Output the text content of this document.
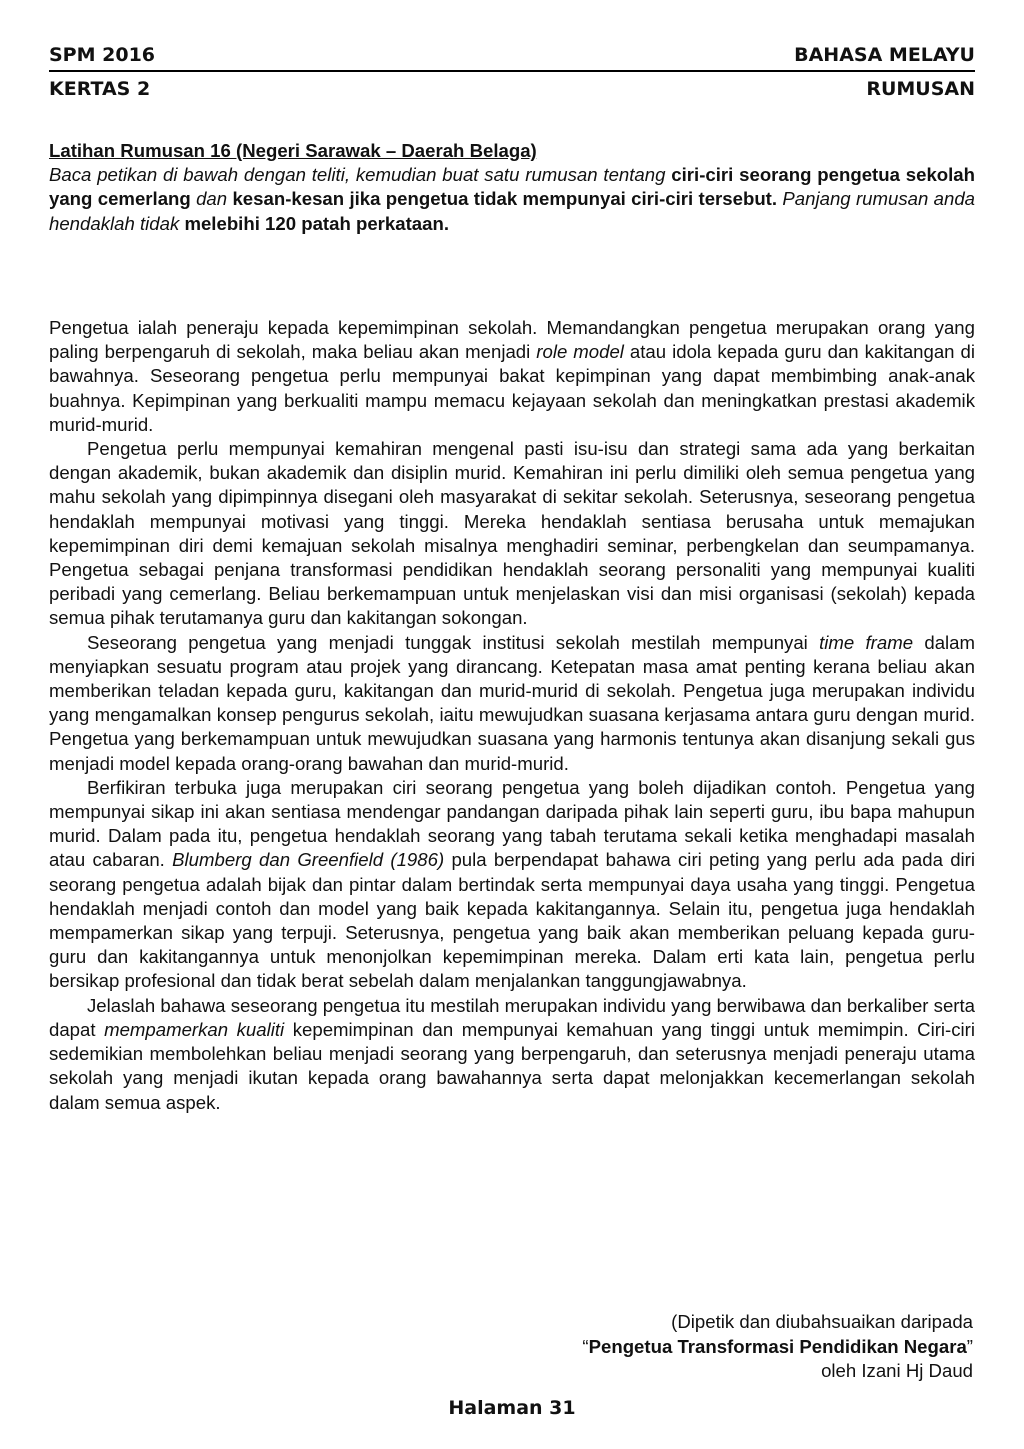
SPM 2016	BAHASA MELAYU
KERTAS 2	RUMUSAN
Latihan Rumusan 16 (Negeri Sarawak – Daerah Belaga)
Baca petikan di bawah dengan teliti, kemudian buat satu rumusan tentang ciri-ciri seorang pengetua sekolah yang cemerlang dan kesan-kesan jika pengetua tidak mempunyai ciri-ciri tersebut. Panjang rumusan anda hendaklah tidak melebihi 120 patah perkataan.

Pengetua ialah peneraju kepada kepemimpinan sekolah. Memandangkan pengetua merupakan orang yang paling berpengaruh di sekolah, maka beliau akan menjadi role model atau idola kepada guru dan kakitangan di bawahnya. Seseorang pengetua perlu mempunyai bakat kepimpinan yang dapat membimbing anak-anak buahnya. Kepimpinan yang berkualiti mampu memacu kejayaan sekolah dan meningkatkan prestasi akademik murid-murid.

Pengetua perlu mempunyai kemahiran mengenal pasti isu-isu dan strategi sama ada yang berkaitan dengan akademik, bukan akademik dan disiplin murid. Kemahiran ini perlu dimiliki oleh semua pengetua yang mahu sekolah yang dipimpinnya disegani oleh masyarakat di sekitar sekolah. Seterusnya, seseorang pengetua hendaklah mempunyai motivasi yang tinggi. Mereka hendaklah sentiasa berusaha untuk memajukan kepemimpinan diri demi kemajuan sekolah misalnya menghadiri seminar, perbengkelan dan seumpamanya. Pengetua sebagai penjana transformasi pendidikan hendaklah seorang personaliti yang mempunyai kualiti peribadi yang cemerlang. Beliau berkemampuan untuk menjelaskan visi dan misi organisasi (sekolah) kepada semua pihak terutamanya guru dan kakitangan sokongan.

Seseorang pengetua yang menjadi tunggak institusi sekolah mestilah mempunyai time frame dalam menyiapkan sesuatu program atau projek yang dirancang. Ketepatan masa amat penting kerana beliau akan memberikan teladan kepada guru, kakitangan dan murid-murid di sekolah. Pengetua juga merupakan individu yang mengamalkan konsep pengurus sekolah, iaitu mewujudkan suasana kerjasama antara guru dengan murid. Pengetua yang berkemampuan untuk mewujudkan suasana yang harmonis tentunya akan disanjung sekali gus menjadi model kepada orang-orang bawahan dan murid-murid.

Berfikiran terbuka juga merupakan ciri seorang pengetua yang boleh dijadikan contoh. Pengetua yang mempunyai sikap ini akan sentiasa mendengar pandangan daripada pihak lain seperti guru, ibu bapa mahupun murid. Dalam pada itu, pengetua hendaklah seorang yang tabah terutama sekali ketika menghadapi masalah atau cabaran. Blumberg dan Greenfield (1986) pula berpendapat bahawa ciri peting yang perlu ada pada diri seorang pengetua adalah bijak dan pintar dalam bertindak serta mempunyai daya usaha yang tinggi. Pengetua hendaklah menjadi contoh dan model yang baik kepada kakitangannya. Selain itu, pengetua juga hendaklah mempamerkan sikap yang terpuji. Seterusnya, pengetua yang baik akan memberikan peluang kepada guru-guru dan kakitangannya untuk menonjolkan kepemimpinan mereka. Dalam erti kata lain, pengetua perlu bersikap profesional dan tidak berat sebelah dalam menjalankan tanggungjawabnya.

Jelaslah bahawa seseorang pengetua itu mestilah merupakan individu yang berwibawa dan berkaliber serta dapat mempamerkan kualiti kepemimpinan dan mempunyai kemahuan yang tinggi untuk memimpin. Ciri-ciri sedemikian membolehkan beliau menjadi seorang yang berpengaruh, dan seterusnya menjadi peneraju utama sekolah yang menjadi ikutan kepada orang bawahannya serta dapat melonjakkan kecemerlangan sekolah dalam semua aspek.

(Dipetik dan diubahsuaikan daripada
“Pengetua Transformasi Pendidikan Negara”
oleh Izani Hj Daud
Halaman 31
